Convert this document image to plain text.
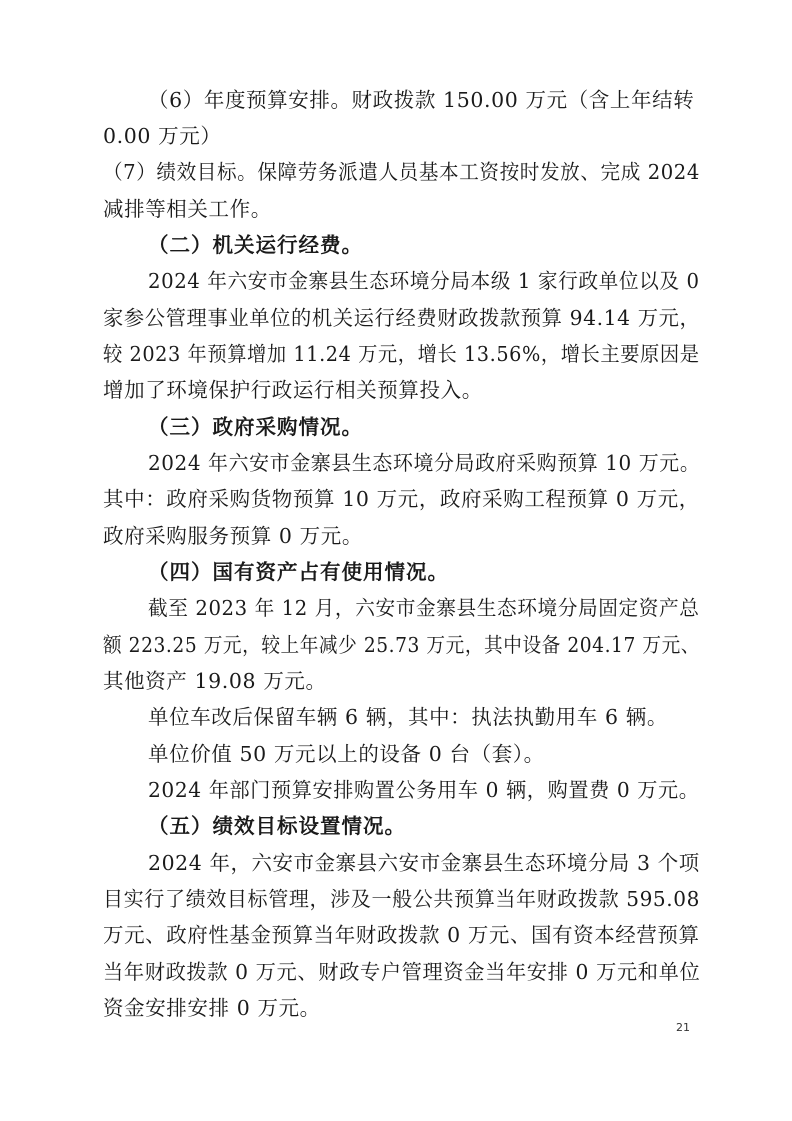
（6）年度预算安排。财政拨款 150.00 万元（含上年结转
0.00 万元）
（7）绩效目标。保障劳务派遣人员基本工资按时发放、完成 2024
减排等相关工作。
（二）机关运行经费。
2024 年六安市金寨县生态环境分局本级 1 家行政单位以及 0
家参公管理事业单位的机关运行经费财政拨款预算 94.14 万元，
较 2023 年预算增加 11.24 万元，增长 13.56%，增长主要原因是
增加了环境保护行政运行相关预算投入。
（三）政府采购情况。
2024 年六安市金寨县生态环境分局政府采购预算 10 万元。
其中：政府采购货物预算 10 万元，政府采购工程预算 0 万元，
政府采购服务预算 0 万元。
（四）国有资产占有使用情况。
截至 2023 年 12 月，六安市金寨县生态环境分局固定资产总
额 223.25 万元，较上年减少 25.73 万元，其中设备 204.17 万元、
其他资产 19.08 万元。
单位车改后保留车辆 6 辆，其中：执法执勤用车 6 辆。
单位价值 50 万元以上的设备 0 台（套）。
2024 年部门预算安排购置公务用车 0 辆，购置费 0 万元。
（五）绩效目标设置情况。
2024 年，六安市金寨县六安市金寨县生态环境分局 3 个项
目实行了绩效目标管理，涉及一般公共预算当年财政拨款 595.08
万元、政府性基金预算当年财政拨款 0 万元、国有资本经营预算
当年财政拨款 0 万元、财政专户管理资金当年安排 0 万元和单位
资金安排安排 0 万元。
21
